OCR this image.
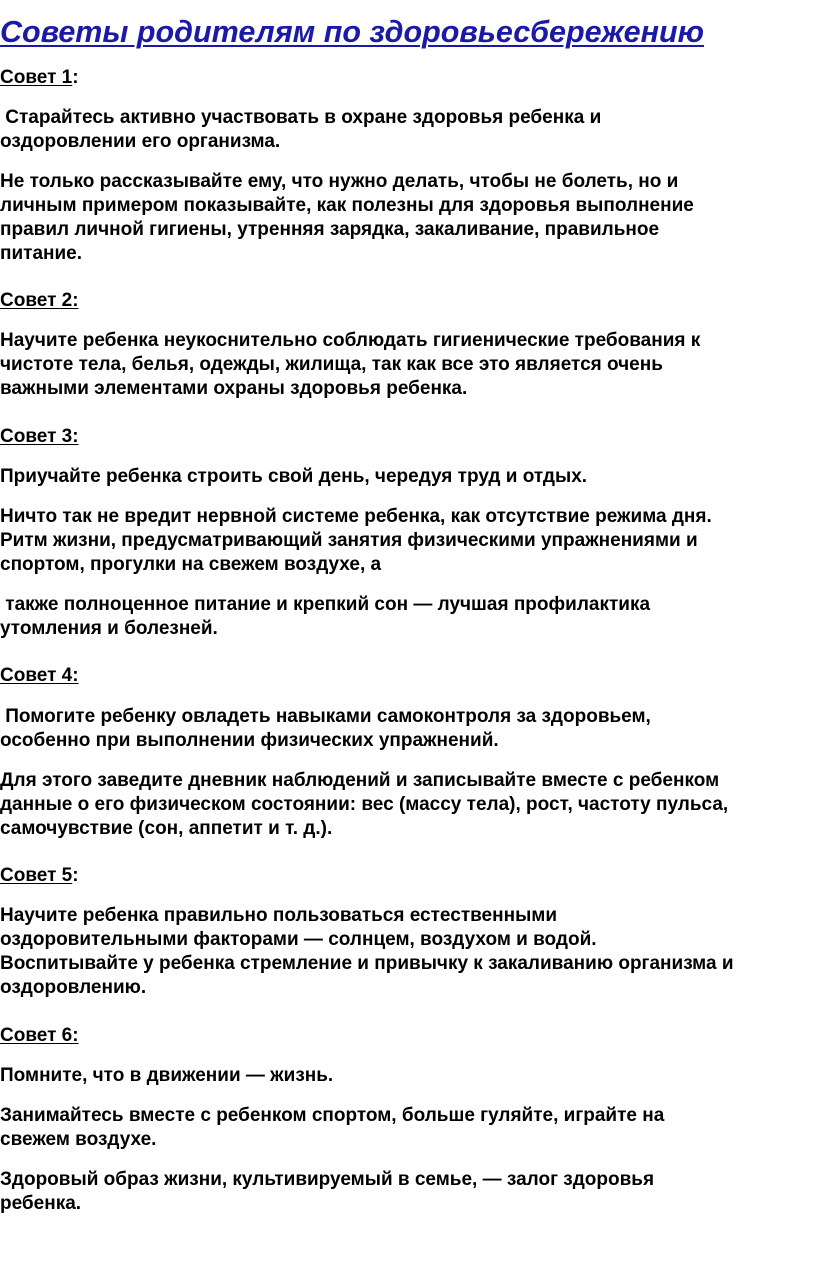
Советы родителям по здоровьесбережению
Совет 1:

Старайтесь активно участвовать в охране здоровья ребенка и
оздоровлении его организма.

Не только рассказывайте ему, что нужно делать, чтобы не болеть, но и
личным примером показывайте, как полезны для здоровья выполнение
правил личной гигиены, утренняя зарядка, закаливание, правильное
питание.

Совет 2:

Научите ребенка неукоснительно соблюдать гигиенические требования к
чистоте тела, белья, одежды, жилища, так как все это является очень
важными элементами охраны здоровья ребенка.

Совет 3:

Приучайте ребенка строить свой день, чередуя труд и отдых.

Ничто так не вредит нервной системе ребенка, как отсутствие режима дня.
Ритм жизни, предусматривающий занятия физическими упражнениями и
спортом, прогулки на свежем воздухе, а

также полноценное питание и крепкий сон — лучшая профилактика
утомления и болезней.

Совет 4:

Помогите ребенку овладеть навыками самоконтроля за здоровьем,
особенно при выполнении физических упражнений.

Для этого заведите дневник наблюдений и записывайте вместе с ребенком
данные о его физическом состоянии: вес (массу тела), рост, частоту пульса,
самочувствие (сон, аппетит и т. д.).

Совет 5:

Научите ребенка правильно пользоваться естественными
оздоровительными факторами — солнцем, воздухом и водой.
Воспитывайте у ребенка стремление и привычку к закаливанию организма и
оздоровлению.

Совет 6:

Помните, что в движении — жизнь.

Занимайтесь вместе с ребенком спортом, больше гуляйте, играйте на
свежем воздухе.

Здоровый образ жизни, культивируемый в семье, — залог здоровья
ребенка.
